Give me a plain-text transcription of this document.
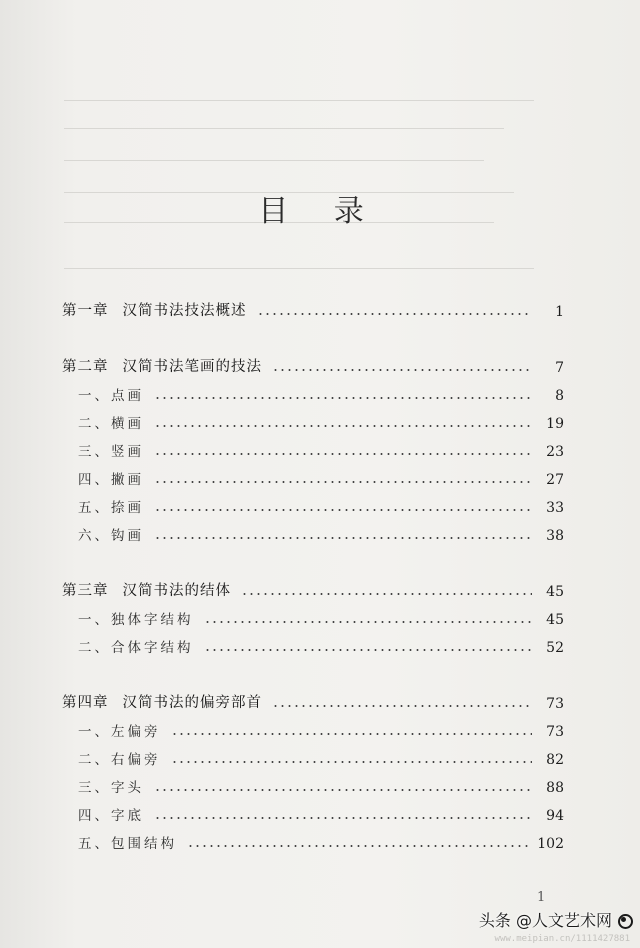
目 录
第一章 汉简书法技法概述	1
第二章 汉简书法笔画的技法	7
一、点画	8
二、横画	19
三、竖画	23
四、撇画	27
五、捺画	33
六、钩画	38
第三章 汉简书法的结体	45
一、独体字结构	45
二、合体字结构	52
第四章 汉简书法的偏旁部首	73
一、左偏旁	73
二、右偏旁	82
三、字头	88
四、字底	94
五、包围结构	102
1
头条 @人文艺术网
www.meipian.cn/1111427881
